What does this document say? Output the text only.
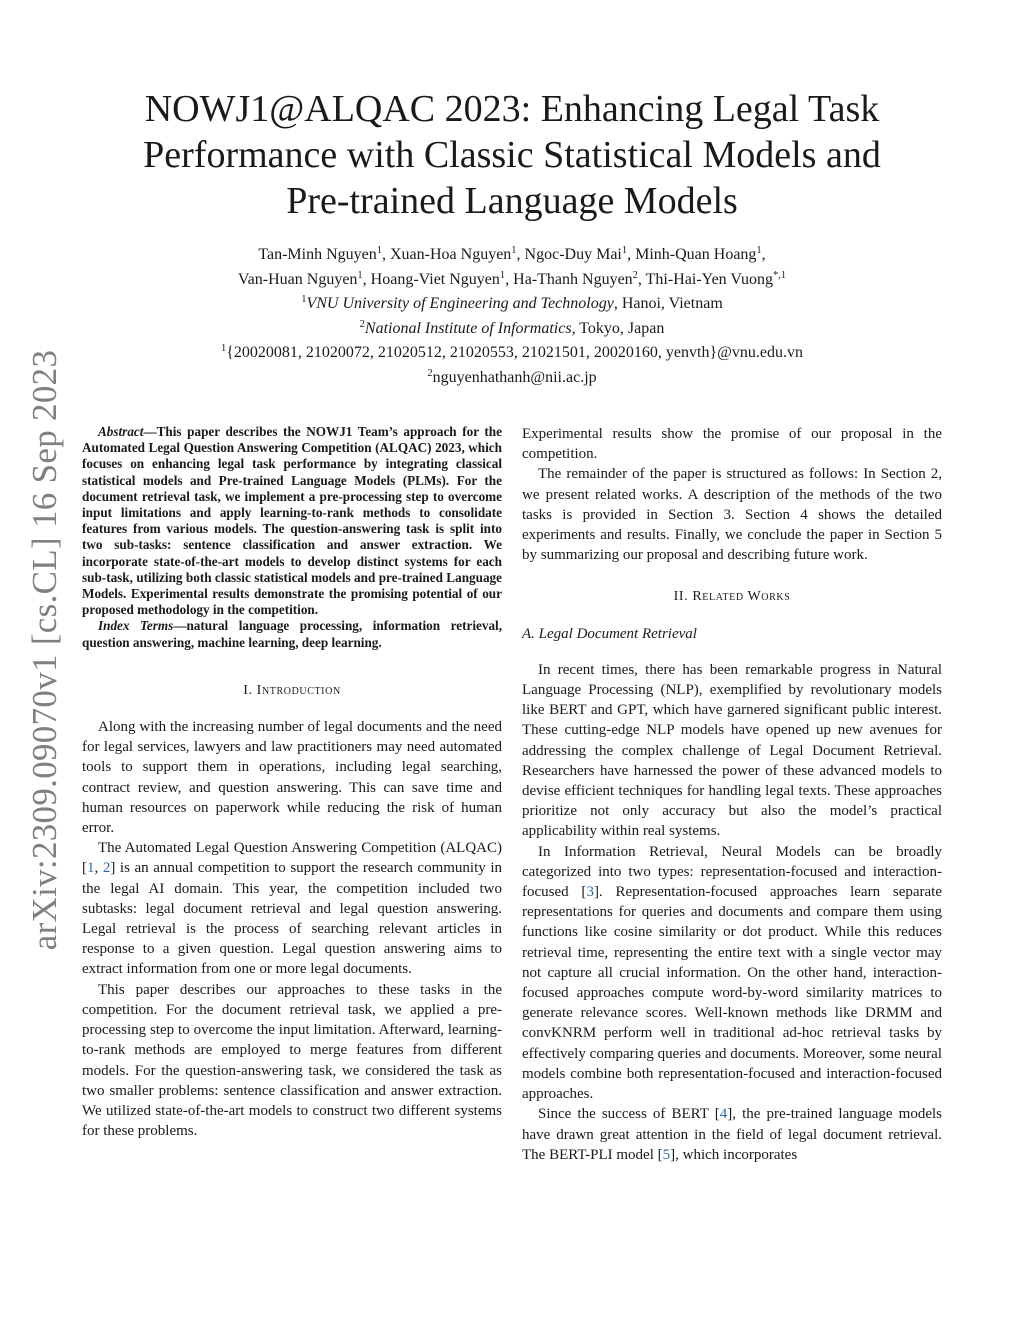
arXiv:2309.09070v1 [cs.CL] 16 Sep 2023
NOWJ1@ALQAC 2023: Enhancing Legal Task
Performance with Classic Statistical Models and
Pre-trained Language Models
Tan-Minh Nguyen$^1$, Xuan-Hoa Nguyen$^1$, Ngoc-Duy Mai$^1$, Minh-Quan Hoang$^1$,
Van-Huan Nguyen$^1$, Hoang-Viet Nguyen$^1$, Ha-Thanh Nguyen$^2$, Thi-Hai-Yen Vuong$^{*,1}$
$^1$VNU University of Engineering and Technology, Hanoi, Vietnam
$^2$National Institute of Informatics, Tokyo, Japan
$^1${20020081, 21020072, 21020512, 21020553, 21021501, 20020160, yenvth}@vnu.edu.vn
$^2$nguyenhathanh@nii.ac.jp

Abstract—This paper describes the NOWJ1 Team’s approach for the Automated Legal Question Answering Competition (ALQAC) 2023, which focuses on enhancing legal task performance by integrating classical statistical models and Pre-trained Language Models (PLMs). For the document retrieval task, we implement a pre-processing step to overcome input limitations and apply learning-to-rank methods to consolidate features from various models. The question-answering task is split into two sub-tasks: sentence classification and answer extraction. We incorporate state-of-the-art models to develop distinct systems for each sub-task, utilizing both classic statistical models and pre-trained Language Models. Experimental results demonstrate the promising potential of our proposed methodology in the competition.

Index Terms—natural language processing, information retrieval, question answering, machine learning, deep learning.

I. Introduction

Along with the increasing number of legal documents and the need for legal services, lawyers and law practitioners may need automated tools to support them in operations, including legal searching, contract review, and question answering. This can save time and human resources on paperwork while reducing the risk of human error.

The Automated Legal Question Answering Competition (ALQAC) [1, 2] is an annual competition to support the research community in the legal AI domain. This year, the competition included two subtasks: legal document retrieval and legal question answering. Legal retrieval is the process of searching relevant articles in response to a given question. Legal question answering aims to extract information from one or more legal documents.

This paper describes our approaches to these tasks in the competition. For the document retrieval task, we applied a pre-processing step to overcome the input limitation. Afterward, learning-to-rank methods are employed to merge features from different models. For the question-answering task, we considered the task as two smaller problems: sentence classification and answer extraction. We utilized state-of-the-art models to construct two different systems for these problems.

Experimental results show the promise of our proposal in the competition.

The remainder of the paper is structured as follows: In Section 2, we present related works. A description of the methods of the two tasks is provided in Section 3. Section 4 shows the detailed experiments and results. Finally, we conclude the paper in Section 5 by summarizing our proposal and describing future work.

II. Related Works
A. Legal Document Retrieval

In recent times, there has been remarkable progress in Natural Language Processing (NLP), exemplified by revolutionary models like BERT and GPT, which have garnered significant public interest. These cutting-edge NLP models have opened up new avenues for addressing the complex challenge of Legal Document Retrieval. Researchers have harnessed the power of these advanced models to devise efficient techniques for handling legal texts. These approaches prioritize not only accuracy but also the model’s practical applicability within real systems.

In Information Retrieval, Neural Models can be broadly categorized into two types: representation-focused and interaction-focused [3]. Representation-focused approaches learn separate representations for queries and documents and compare them using functions like cosine similarity or dot product. While this reduces retrieval time, representing the entire text with a single vector may not capture all crucial information. On the other hand, interaction-focused approaches compute word-by-word similarity matrices to generate relevance scores. Well-known methods like DRMM and convKNRM perform well in traditional ad-hoc retrieval tasks by effectively comparing queries and documents. Moreover, some neural models combine both representation-focused and interaction-focused approaches.

Since the success of BERT [4], the pre-trained language models have drawn great attention in the field of legal document retrieval. The BERT-PLI model [5], which incorporates
